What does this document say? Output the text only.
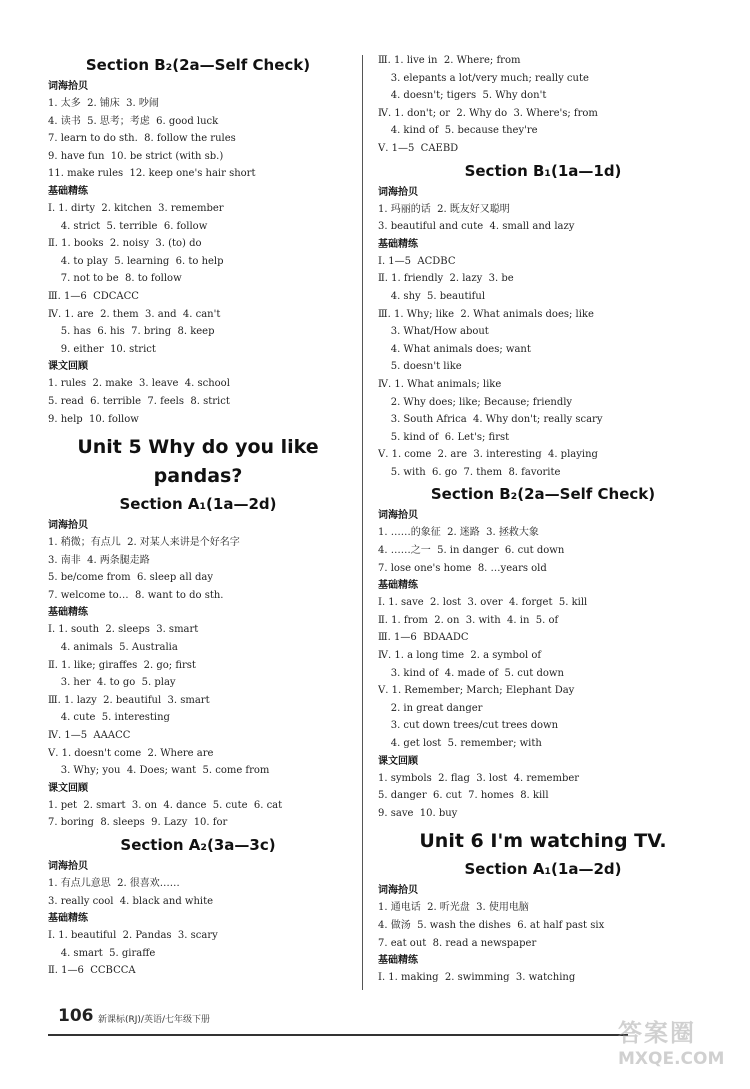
Section B₂(2a—Self Check)
词海拾贝
1. 太多  2. 铺床  3. 吵闹
4. 读书  5. 思考；考虑  6. good luck
7. learn to do sth.  8. follow the rules
9. have fun  10. be strict (with sb.)
11. make rules  12. keep one's hair short
基础精练
Ⅰ. 1. dirty  2. kitchen  3. remember
4. strict  5. terrible  6. follow
Ⅱ. 1. books  2. noisy  3. (to) do
4. to play  5. learning  6. to help
7. not to be  8. to follow
Ⅲ. 1—6  CDCACC
Ⅳ. 1. are  2. them  3. and  4. can't
5. has  6. his  7. bring  8. keep
9. either  10. strict
课文回顾
1. rules  2. make  3. leave  4. school
5. read  6. terrible  7. feels  8. strict
9. help  10. follow
Unit 5 Why do you like
pandas?
Section A₁(1a—2d)
词海拾贝
1. 稍微；有点儿  2. 对某人来讲是个好名字
3. 南非  4. 两条腿走路
5. be/come from  6. sleep all day
7. welcome to…  8. want to do sth.
基础精练
Ⅰ. 1. south  2. sleeps  3. smart
4. animals  5. Australia
Ⅱ. 1. like; giraffes  2. go; first
3. her  4. to go  5. play
Ⅲ. 1. lazy  2. beautiful  3. smart
4. cute  5. interesting
Ⅳ. 1—5  AAACC
Ⅴ. 1. doesn't come  2. Where are
3. Why; you  4. Does; want  5. come from
课文回顾
1. pet  2. smart  3. on  4. dance  5. cute  6. cat
7. boring  8. sleeps  9. Lazy  10. for
Section A₂(3a—3c)
词海拾贝
1. 有点儿意思  2. 很喜欢……
3. really cool  4. black and white
基础精练
Ⅰ. 1. beautiful  2. Pandas  3. scary
4. smart  5. giraffe
Ⅱ. 1—6  CCBCCA
Ⅲ. 1. live in  2. Where; from
3. elepants a lot/very much; really cute
4. doesn't; tigers  5. Why don't
Ⅳ. 1. don't; or  2. Why do  3. Where's; from
4. kind of  5. because they're
Ⅴ. 1—5  CAEBD
Section B₁(1a—1d)
词海拾贝
1. 玛丽的话  2. 既友好又聪明
3. beautiful and cute  4. small and lazy
基础精练
Ⅰ. 1—5  ACDBC
Ⅱ. 1. friendly  2. lazy  3. be
4. shy  5. beautiful
Ⅲ. 1. Why; like  2. What animals does; like
3. What/How about
4. What animals does; want
5. doesn't like
Ⅳ. 1. What animals; like
2. Why does; like; Because; friendly
3. South Africa  4. Why don't; really scary
5. kind of  6. Let's; first
Ⅴ. 1. come  2. are  3. interesting  4. playing
5. with  6. go  7. them  8. favorite
Section B₂(2a—Self Check)
词海拾贝
1. ……的象征  2. 迷路  3. 拯救大象
4. ……之一  5. in danger  6. cut down
7. lose one's home  8. …years old
基础精练
Ⅰ. 1. save  2. lost  3. over  4. forget  5. kill
Ⅱ. 1. from  2. on  3. with  4. in  5. of
Ⅲ. 1—6  BDAADC
Ⅳ. 1. a long time  2. a symbol of
3. kind of  4. made of  5. cut down
Ⅴ. 1. Remember; March; Elephant Day
2. in great danger
3. cut down trees/cut trees down
4. get lost  5. remember; with
课文回顾
1. symbols  2. flag  3. lost  4. remember
5. danger  6. cut  7. homes  8. kill
9. save  10. buy
Unit 6 I'm watching TV.
Section A₁(1a—2d)
词海拾贝
1. 通电话  2. 听光盘  3. 使用电脑
4. 做汤  5. wash the dishes  6. at half past six
7. eat out  8. read a newspaper
基础精练
Ⅰ. 1. making  2. swimming  3. watching
106 新课标(RJ)/英语/七年级下册	答案圈
MXQE.COM
